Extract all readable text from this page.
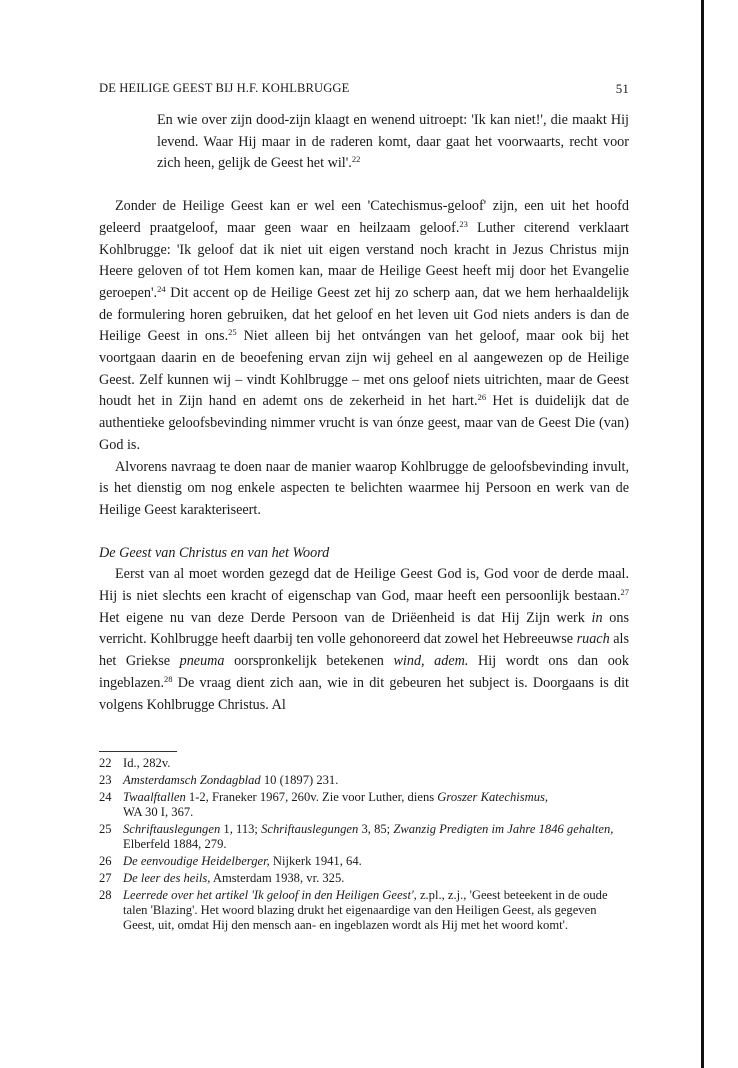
DE HEILIGE GEEST BIJ H.F. KOHLBRUGGE	51

En wie over zijn dood-zijn klaagt en wenend uitroept: 'Ik kan niet!', die maakt Hij levend. Waar Hij maar in de raderen komt, daar gaat het voorwaarts, recht voor zich heen, gelijk de Geest het wil'.$^{22}$

Zonder de Heilige Geest kan er wel een 'Catechismus-geloof' zijn, een uit het hoofd geleerd praatgeloof, maar geen waar en heilzaam geloof.$^{23}$ Luther citerend verklaart Kohlbrugge: 'Ik geloof dat ik niet uit eigen verstand noch kracht in Jezus Christus mijn Heere geloven of tot Hem komen kan, maar de Heilige Geest heeft mij door het Evangelie geroepen'.$^{24}$ Dit accent op de Heilige Geest zet hij zo scherp aan, dat we hem herhaaldelijk de formulering horen gebruiken, dat het geloof en het leven uit God niets anders is dan de Heilige Geest in ons.$^{25}$ Niet alleen bij het ontvángen van het geloof, maar ook bij het voortgaan daarin en de beoefening ervan zijn wij geheel en al aangewezen op de Heilige Geest. Zelf kunnen wij – vindt Kohlbrugge – met ons geloof niets uitrichten, maar de Geest houdt het in Zijn hand en ademt ons de zekerheid in het hart.$^{26}$ Het is duidelijk dat de authentieke geloofsbevinding nimmer vrucht is van ónze geest, maar van de Geest Die (van) God is.

Alvorens navraag te doen naar de manier waarop Kohlbrugge de geloofsbevinding invult, is het dienstig om nog enkele aspecten te belichten waarmee hij Persoon en werk van de Heilige Geest karakteriseert.

De Geest van Christus en van het Woord

Eerst van al moet worden gezegd dat de Heilige Geest God is, God voor de derde maal. Hij is niet slechts een kracht of eigenschap van God, maar heeft een persoonlijk bestaan.$^{27}$ Het eigene nu van deze Derde Persoon van de Driëenheid is dat Hij Zijn werk in ons verricht. Kohlbrugge heeft daarbij ten volle gehonoreerd dat zowel het Hebreeuwse ruach als het Griekse pneuma oorspronkelijk betekenen wind, adem. Hij wordt ons dan ook ingeblazen.$^{28}$ De vraag dient zich aan, wie in dit gebeuren het subject is. Doorgaans is dit volgens Kohlbrugge Christus. Al

22 Id., 282v.
23 Amsterdamsch Zondagblad 10 (1897) 231.
24 Twaalftallen 1-2, Franeker 1967, 260v. Zie voor Luther, diens Groszer Katechismus,
WA 30 I, 367.
25 Schriftauslegungen 1, 113; Schriftauslegungen 3, 85; Zwanzig Predigten im Jahre 1846 gehalten, Elberfeld 1884, 279.
26 De eenvoudige Heidelberger, Nijkerk 1941, 64.
27 De leer des heils, Amsterdam 1938, vr. 325.
28 Leerrede over het artikel 'Ik geloof in den Heiligen Geest', z.pl., z.j., 'Geest beteekent in de oude talen 'Blazing'. Het woord blazing drukt het eigenaardige van den Heiligen Geest, als gegeven Geest, uit, omdat Hij den mensch aan- en ingeblazen wordt als Hij met het woord komt'.
